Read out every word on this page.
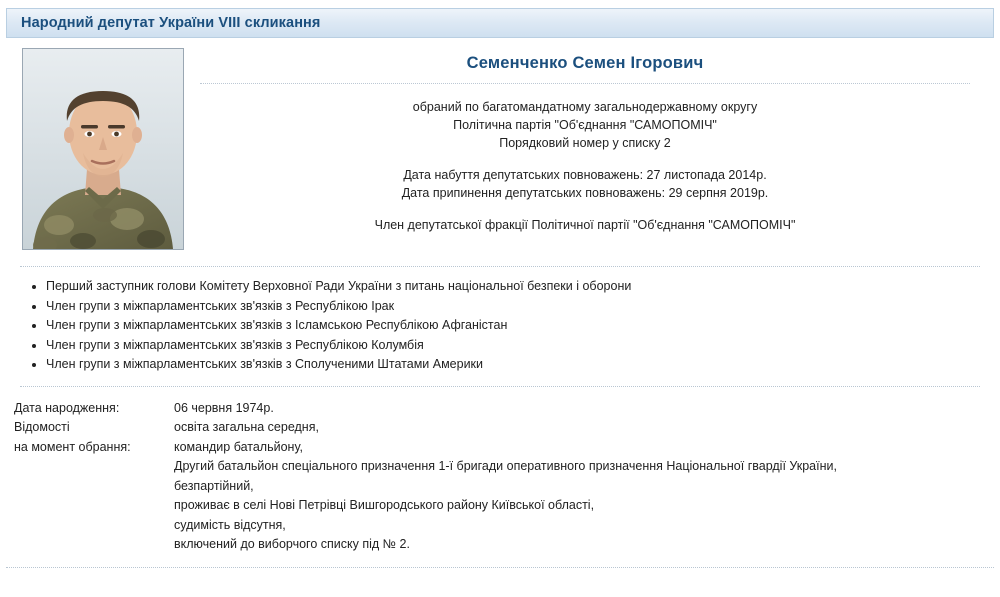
Народний депутат України VIII скликання
Семенченко Семен Ігорович
обраний по багатомандатному загальнодержавному округу
Політична партія "Об'єднання "САМОПОМІЧ"
Порядковий номер у списку 2
Дата набуття депутатських повноважень: 27 листопада 2014р.
Дата припинення депутатських повноважень: 29 серпня 2019р.
Член депутатської фракції Політичної партії "Об'єднання "САМОПОМІЧ"
• Перший заступник голови Комітету Верховної Ради України з питань національної безпеки і оборони
• Член групи з міжпарламентських зв'язків з Республікою Ірак
• Член групи з міжпарламентських зв'язків з Ісламською Республікою Афганістан
• Член групи з міжпарламентських зв'язків з Республікою Колумбія
• Член групи з міжпарламентських зв'язків з Сполученими Штатами Америки
Дата народження:	06 червня 1974р.

Відомості
на момент обрання:

освіта загальна середня,
командир батальйону,
Другий батальйон спеціального призначення 1-ї бригади оперативного призначення Національної гвардії України,
безпартійний,
проживає в селі Нові Петрівці Вишгородського району Київської області,
судимість відсутня,
включений до виборчого списку під № 2.
